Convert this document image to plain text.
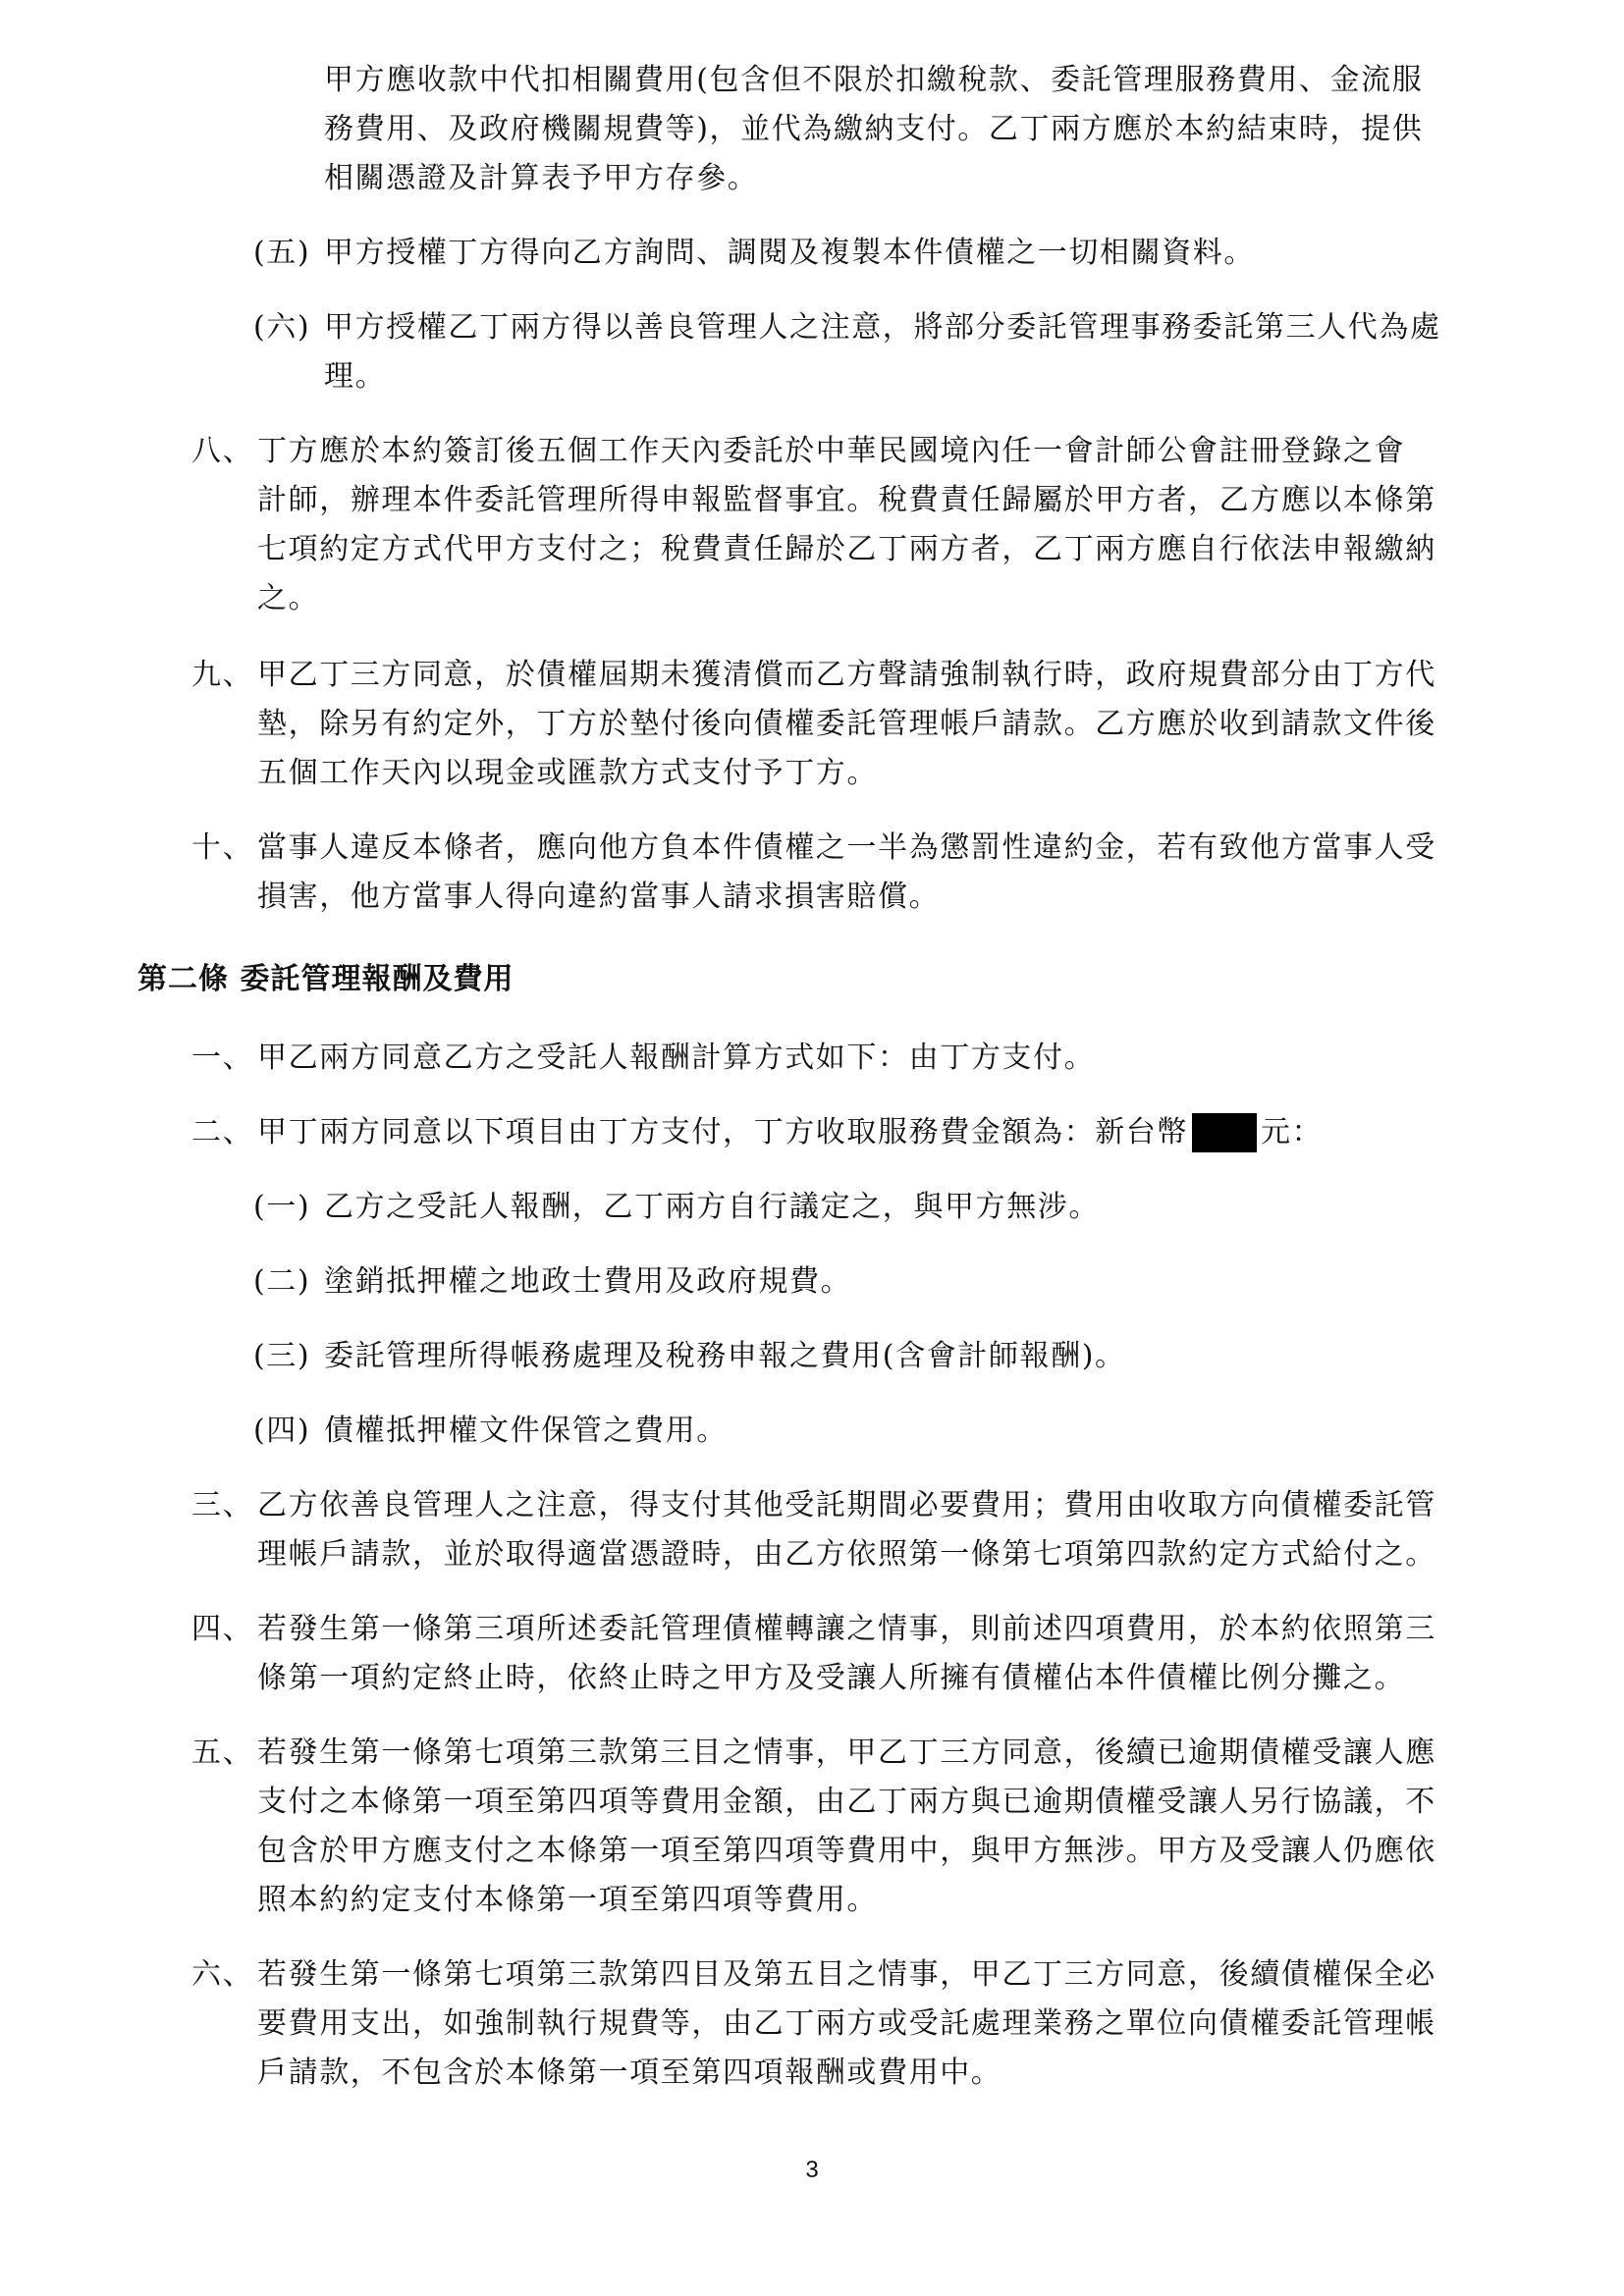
甲方應收款中代扣相關費用(包含但不限於扣繳稅款、委託管理服務費用、金流服
務費用、及政府機關規費等)，並代為繳納支付。乙丁兩方應於本約結束時，提供
相關憑證及計算表予甲方存參。
(五) 甲方授權丁方得向乙方詢問、調閱及複製本件債權之一切相關資料。
(六) 甲方授權乙丁兩方得以善良管理人之注意，將部分委託管理事務委託第三人代為處
理。
八、 丁方應於本約簽訂後五個工作天內委託於中華民國境內任一會計師公會註冊登錄之會
計師，辦理本件委託管理所得申報監督事宜。稅費責任歸屬於甲方者，乙方應以本條第
七項約定方式代甲方支付之；稅費責任歸於乙丁兩方者，乙丁兩方應自行依法申報繳納
之。
九、 甲乙丁三方同意，於債權屆期未獲清償而乙方聲請強制執行時，政府規費部分由丁方代
墊，除另有約定外，丁方於墊付後向債權委託管理帳戶請款。乙方應於收到請款文件後
五個工作天內以現金或匯款方式支付予丁方。
十、 當事人違反本條者，應向他方負本件債權之一半為懲罰性違約金，若有致他方當事人受
損害，他方當事人得向違約當事人請求損害賠償。
第二條 委託管理報酬及費用
一、 甲乙兩方同意乙方之受託人報酬計算方式如下：由丁方支付。
二、 甲丁兩方同意以下項目由丁方支付，丁方收取服務費金額為：新台幣 元：
(一) 乙方之受託人報酬，乙丁兩方自行議定之，與甲方無涉。
(二) 塗銷抵押權之地政士費用及政府規費。
(三) 委託管理所得帳務處理及稅務申報之費用(含會計師報酬)。
(四) 債權抵押權文件保管之費用。
三、 乙方依善良管理人之注意，得支付其他受託期間必要費用；費用由收取方向債權委託管
理帳戶請款，並於取得適當憑證時，由乙方依照第一條第七項第四款約定方式給付之。
四、 若發生第一條第三項所述委託管理債權轉讓之情事，則前述四項費用，於本約依照第三
條第一項約定終止時，依終止時之甲方及受讓人所擁有債權佔本件債權比例分攤之。
五、 若發生第一條第七項第三款第三目之情事，甲乙丁三方同意，後續已逾期債權受讓人應
支付之本條第一項至第四項等費用金額，由乙丁兩方與已逾期債權受讓人另行協議，不
包含於甲方應支付之本條第一項至第四項等費用中，與甲方無涉。甲方及受讓人仍應依
照本約約定支付本條第一項至第四項等費用。
六、 若發生第一條第七項第三款第四目及第五目之情事，甲乙丁三方同意，後續債權保全必
要費用支出，如強制執行規費等，由乙丁兩方或受託處理業務之單位向債權委託管理帳
戶請款，不包含於本條第一項至第四項報酬或費用中。
3
